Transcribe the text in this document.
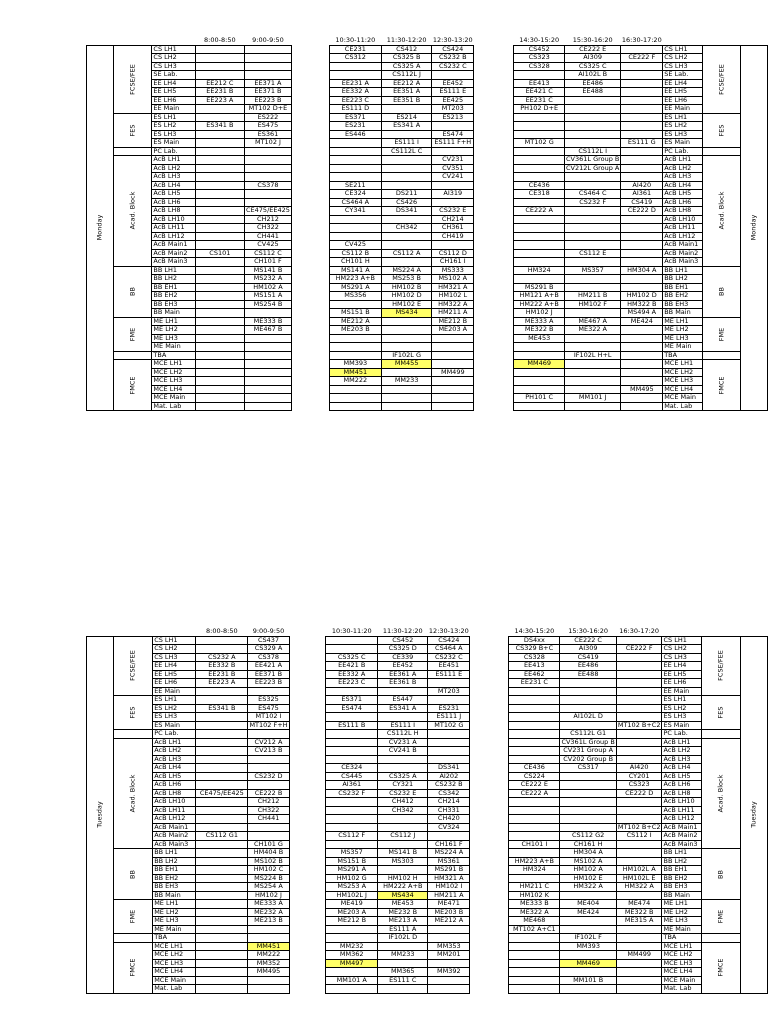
			8:00-8:50	9:00-9:50		10:30-11:20	11:30-12:20	12:30-13:20		14:30-15:20	15:30-16:20	16:30-17:20			

Monday	FCSE/FEE	CS LH1				CE231	CS412	CS424		CS452	CE222 E		CS LH1	FCSE/FEE	Monday

		CS LH2				CS312	CS325 B	CS232 B		CS323	AI309	CE222 F	CS LH2		
		CS LH3					CS325 A	CS232 C		CS328	CS325 C		CS LH3		
		SE Lab.					CS112L J				AI102L B		SE Lab.		
		EE LH4	EE212 C	EE371 A		EE231 A	EE212 A	EE452		EE413	EE486		EE LH4		
		EE LH5	EE231 B	EE371 B		EE332 A	EE351 A	ES111 E		EE421 C	EE488		EE LH5		
		EE LH6	EE223 A	EE223 B		EE223 C	EE351 B	EE425		EE231 C			EE LH6		
		EE Main		MT102 D+E		ES111 D		MT203		PH102 D+E			EE Main		

	FES	ES LH1		ES222		ES371	ES214	ES213					ES LH1	FES	

		ES LH2	ES341 B	ES475		ES231	ES341 A						ES LH2		
		ES LH3		ES361		ES446		ES474					ES LH3		
		ES Main		MT102 J			ES111 I	ES111 F+H		MT102 G		ES111 G	ES Main		

		PC Lab.					CS112L C				CS112L I		PC Lab.		

	Acad. Block	AcB LH1						CV231			CV361L Group B		AcB LH1	Acad. Block	

		AcB LH2						CV351			CV212L Group A		AcB LH2		
		AcB LH3						CV241					AcB LH3		
		AcB LH4		CS378		SE211				CE436		AI420	AcB LH4		
		AcB LH5				CE324	DS211	AI319		CE318	CS464 C	AI361	AcB LH5		
		AcB LH6				CS464 A	CS426				CS232 F	CS419	AcB LH6		
		AcB LH8		CE475/EE425		CY341	DS341	CS232 E		CE222 A		CE222 D	AcB LH8		
		AcB LH10		CH212				CH214					AcB LH10		
		AcB LH11		CH322			CH342	CH361					AcB LH11		
		AcB LH12		CH441				CH419					AcB LH12		
		AcB Main1		CV425		CV425							AcB Main1		
		AcB Main2	CS101	CS112 C		CS112 B	CS112 A	CS112 D			CS112 E		AcB Main2		
		AcB Main3		CH101 F		CH101 H		CH161 I					AcB Main3		

	BB	BB LH1		MS141 B		MS141 A	MS224 A	MS333		HM324	MS357	HM304 A	BB LH1	BB	

		BB LH2		MS232 A		HM223 A+B	MS253 B	MS102 A					BB LH2		
		BB EH1		HM102 A		MS291 A	HM102 B	HM321 A		MS291 B			BB EH1		
		BB EH2		MS151 A		MS356	HM102 D	HM102 L		HM121 A+B	HM211 B	HM102 D	BB EH2		
		BB EH3		MS254 B			HM102 E	HM322 A		HM222 A+B	HM102 F	HM322 B	BB EH3		
		BB Main				MS151 B	MS434	HM211 A		HM102 J		MS494 A	BB Main		

	FME	ME LH1		ME333 B		ME212 A		ME212 B		ME333 A	ME467 A	ME424	ME LH1	FME	

		ME LH2		ME467 B		ME203 B		ME203 A		ME322 B	ME322 A		ME LH2		
		ME LH3								ME453			ME LH3		
		ME Main											ME Main		

		TBA					IF102L G				IF102L H+L		TBA		

	FMCE	MCE LH1				MM393	MM455			MM469			MCE LH1	FMCE	

		MCE LH2				MM451		MM499					MCE LH2		
		MCE LH3				MM222	MM233						MCE LH3		
		MCE LH4										MM495	MCE LH4		
		MCE Main								PH101 C	MM101 J		MCE Main		
		Mat. Lab											Mat. Lab		
			8:00-8:50	9:00-9:50		10:30-11:20	11:30-12:20	12:30-13:20		14:30-15:20	15:30-16:20	16:30-17:20			

Tuesday	FCSE/FEE	CS LH1		CS437			CS452	CS424		DS4xx	CE222 C		CS LH1	FCSE/FEE	Tuesday

		CS LH2		CS329 A			CS325 D	CS464 A		CS329 B+C	AI309	CE222 F	CS LH2		
		CS LH3	CS232 A	CS378		CS325 C	CE339	CS232 C		CS328	CS419		CS LH3		
		EE LH4	EE332 B	EE421 A		EE421 B	EE452	EE451		EE413	EE486		EE LH4		
		EE LH5	EE231 B	EE371 B		EE332 A	EE361 A	ES111 E		EE462	EE488		EE LH5		
		EE LH6	EE223 A	EE223 B		EE223 C	EE361 B			EE231 C			EE LH6		
		EE Main						MT203					EE Main		

	FES	ES LH1		ES325		ES371	ES447						ES LH1	FES	

		ES LH2	ES341 B	ES475		ES474	ES341 A	ES231					ES LH2		
		ES LH3		MT102 I				ES111 J			AI102L D		ES LH3		
		ES Main		MT102 F+H		ES111 B	ES111 I	MT102 G				MT102 B+C2	ES Main		

		PC Lab.					CS112L H				CS112L G1		PC Lab.		

	Acad. Block	AcB LH1		CV212 A			CV231 A				CV361L Group B		AcB LH1	Acad. Block	

		AcB LH2		CV213 B			CV241 B				CV231 Group A		AcB LH2		
		AcB LH3									CV202 Group B		AcB LH3		
		AcB LH4				CE324		DS341		CE436	CS317	AI420	AcB LH4		
		AcB LH5		CS232 D		CS445	CS325 A	AI202		CS224		CY201	AcB LH5		
		AcB LH6				AI361	CY321	CS232 B		CE222 E		CS323	AcB LH6		
		AcB LH8	CE475/EE425	CE222 B		CS232 F	CS232 E	CS342		CE222 A		CE222 D	AcB LH8		
		AcB LH10		CH212			CH412	CH214					AcB LH10		
		AcB LH11		CH322			CH342	CH331					AcB LH11		
		AcB LH12		CH441				CH420					AcB LH12		
		AcB Main1						CV324				MT102 B+C2	AcB Main1		
		AcB Main2	CS112 G1			CS112 F	CS112 J				CS112 G2	CS112 I	AcB Main2		
		AcB Main3		CH101 G				CH161 F		CH101 I	CH161 H		AcB Main3		

	BB	BB LH1		HM404 B		MS357	MS141 B	MS224 A			HM304 A		BB LH1	BB	

		BB LH2		MS102 B		MS151 B	MS303	MS361		HM223 A+B	MS102 A		BB LH2		
		BB EH1		HM102 C		MS291 A		MS291 B		HM324	HM102 A	HM102L A	BB EH1		
		BB EH2		MS224 B		HM102 G	HM102 H	HM321 A			HM102 E	HM102L E	BB EH2		
		BB EH3		MS254 A		MS253 A	HM222 A+B	HM102 I		HM211 C	HM322 A	HM322 A	BB EH3		
		BB Main		HM102 J		HM102L J	MS434	HM211 A		HM102 K			BB Main		

	FME	ME LH1		ME333 A		ME419	ME453	ME471		ME333 B	ME404	ME474	ME LH1	FME	

		ME LH2		ME232 A		ME203 A	ME232 B	ME203 B		ME322 A	ME424	ME322 B	ME LH2		
		ME LH3		ME213 B		ME212 B	ME213 A	ME212 A		ME468		ME315 A	ME LH3		
		ME Main					ES111 A			MT102 A+C1			ME Main		

		TBA					IF102L D				IF102L F		TBA		

	FMCE	MCE LH1		MM451		MM232		MM353			MM393		MCE LH1	FMCE	

		MCE LH2		MM222		MM362	MM233	MM201				MM499	MCE LH2		
		MCE LH3		MM352		MM497					MM469		MCE LH3		
		MCE LH4		MM495			MM365	MM392					MCE LH4		
		MCE Main				MM101 A	ES111 C				MM101 B		MCE Main		
		Mat. Lab											Mat. Lab		
